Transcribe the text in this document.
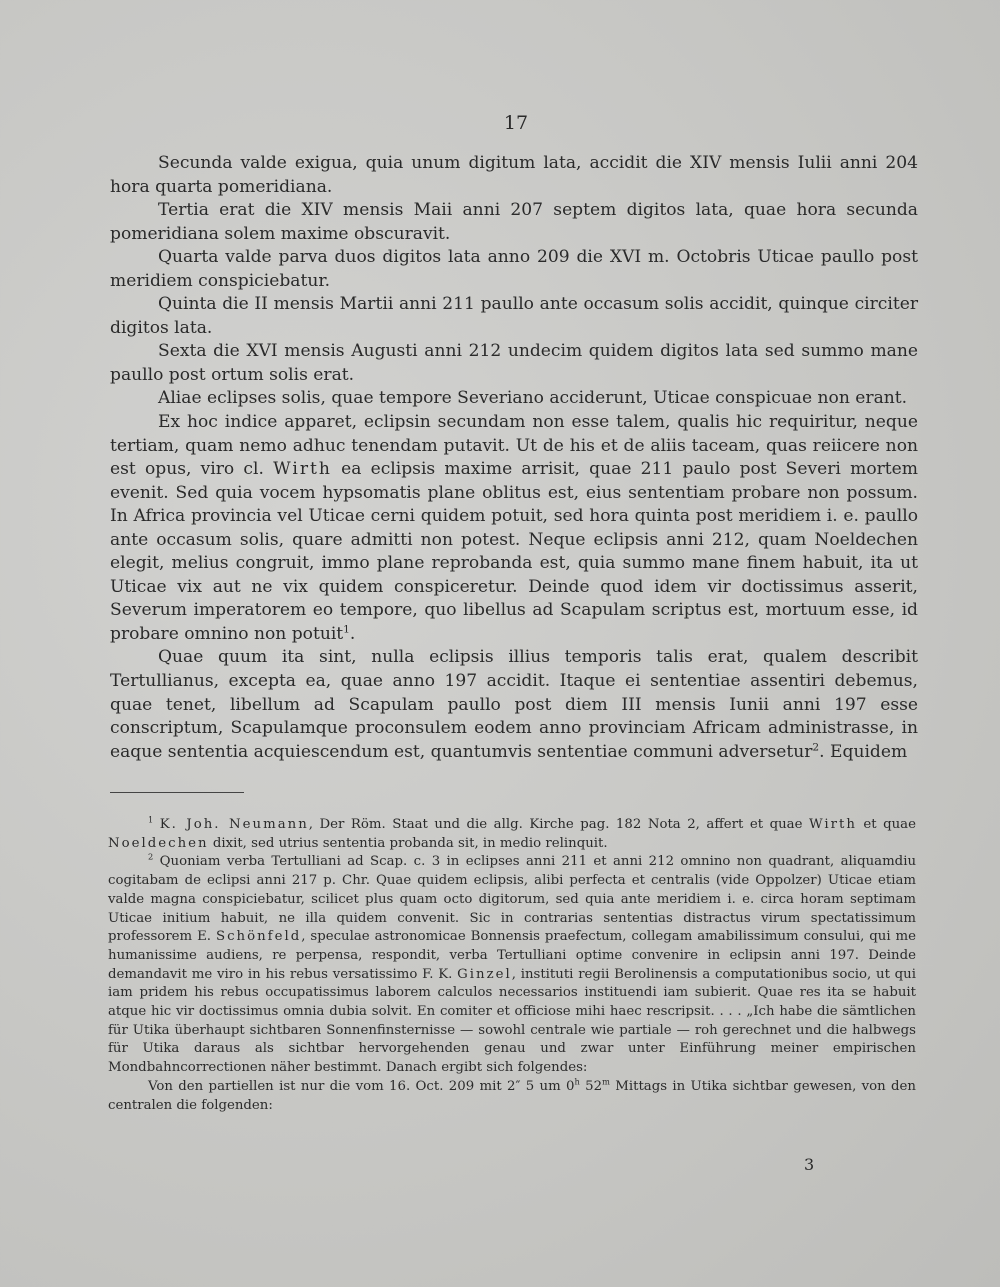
17

Secunda valde exigua, quia unum digitum lata, accidit die XIV mensis Iulii anni 204 hora quarta pomeridiana.

Tertia erat die XIV mensis Maii anni 207 septem digitos lata, quae hora secunda pomeridiana solem maxime obscuravit.

Quarta valde parva duos digitos lata anno 209 die XVI m. Octobris Uticae paullo post meridiem conspiciebatur.

Quinta die II mensis Martii anni 211 paullo ante occasum solis accidit, quinque circiter digitos lata.

Sexta die XVI mensis Augusti anni 212 undecim quidem digitos lata sed summo mane paullo post ortum solis erat.

Aliae eclipses solis, quae tempore Severiano acciderunt, Uticae conspicuae non erant.

Ex hoc indice apparet, eclipsin secundam non esse talem, qualis hic requiritur, neque tertiam, quam nemo adhuc tenendam putavit. Ut de his et de aliis taceam, quas reiicere non est opus, viro cl. Wirth ea eclipsis maxime arrisit, quae 211 paulo post Severi mortem evenit. Sed quia vocem hypsomatis plane oblitus est, eius sententiam probare non possum. In Africa provincia vel Uticae cerni quidem potuit, sed hora quinta post meridiem i. e. paullo ante occasum solis, quare admitti non potest. Neque eclipsis anni 212, quam Noeldechen elegit, melius congruit, immo plane reprobanda est, quia summo mane finem habuit, ita ut Uticae vix aut ne vix quidem conspiceretur. Deinde quod idem vir doctissimus asserit, Severum imperatorem eo tempore, quo libellus ad Scapulam scriptus est, mortuum esse, id probare omnino non potuit$^1$.

Quae quum ita sint, nulla eclipsis illius temporis talis erat, qualem describit Tertullianus, excepta ea, quae anno 197 accidit. Itaque ei sententiae assentiri debemus, quae tenet, libellum ad Scapulam paullo post diem III mensis Iunii anni 197 esse conscriptum, Scapulamque proconsulem eodem anno provinciam Africam administrasse, in eaque sententia acquiescendum est, quantumvis sententiae communi adversetur$^2$. Equidem

$^1$ K. Joh. Neumann, Der Röm. Staat und die allg. Kirche pag. 182 Nota 2, affert et quae Wirth et quae Noeldechen dixit, sed utrius sententia probanda sit, in medio relinquit.

$^2$ Quoniam verba Tertulliani ad Scap. c. 3 in eclipses anni 211 et anni 212 omnino non quadrant, aliquamdiu cogitabam de eclipsi anni 217 p. Chr. Quae quidem eclipsis, alibi perfecta et centralis (vide Oppolzer) Uticae etiam valde magna conspiciebatur, scilicet plus quam octo digitorum, sed quia ante meridiem i. e. circa horam septimam Uticae initium habuit, ne illa quidem convenit. Sic in contrarias sententias distractus virum spectatissimum professorem E. Schönfeld, speculae astronomicae Bonnensis praefectum, collegam amabilissimum consului, qui me humanissime audiens, re perpensa, respondit, verba Tertulliani optime convenire in eclipsin anni 197. Deinde demandavit me viro in his rebus versatissimo F. K. Ginzel, instituti regii Berolinensis a computationibus socio, ut qui iam pridem his rebus occupatissimus laborem calculos necessarios instituendi iam subierit. Quae res ita se habuit atque hic vir doctissimus omnia dubia solvit. En comiter et officiose mihi haec rescripsit. . . . „Ich habe die sämtlichen für Utika überhaupt sichtbaren Sonnenfinsternisse — sowohl centrale wie partiale — roh gerechnet und die halbwegs für Utika daraus als sichtbar hervorgehenden genau und zwar unter Einführung meiner empirischen Mondbahncorrectionen näher bestimmt. Danach ergibt sich folgendes:

Von den partiellen ist nur die vom 16. Oct. 209 mit 2″ 5 um 0$^h$ 52$^m$ Mittags in Utika sichtbar gewesen, von den centralen die folgenden:

3
